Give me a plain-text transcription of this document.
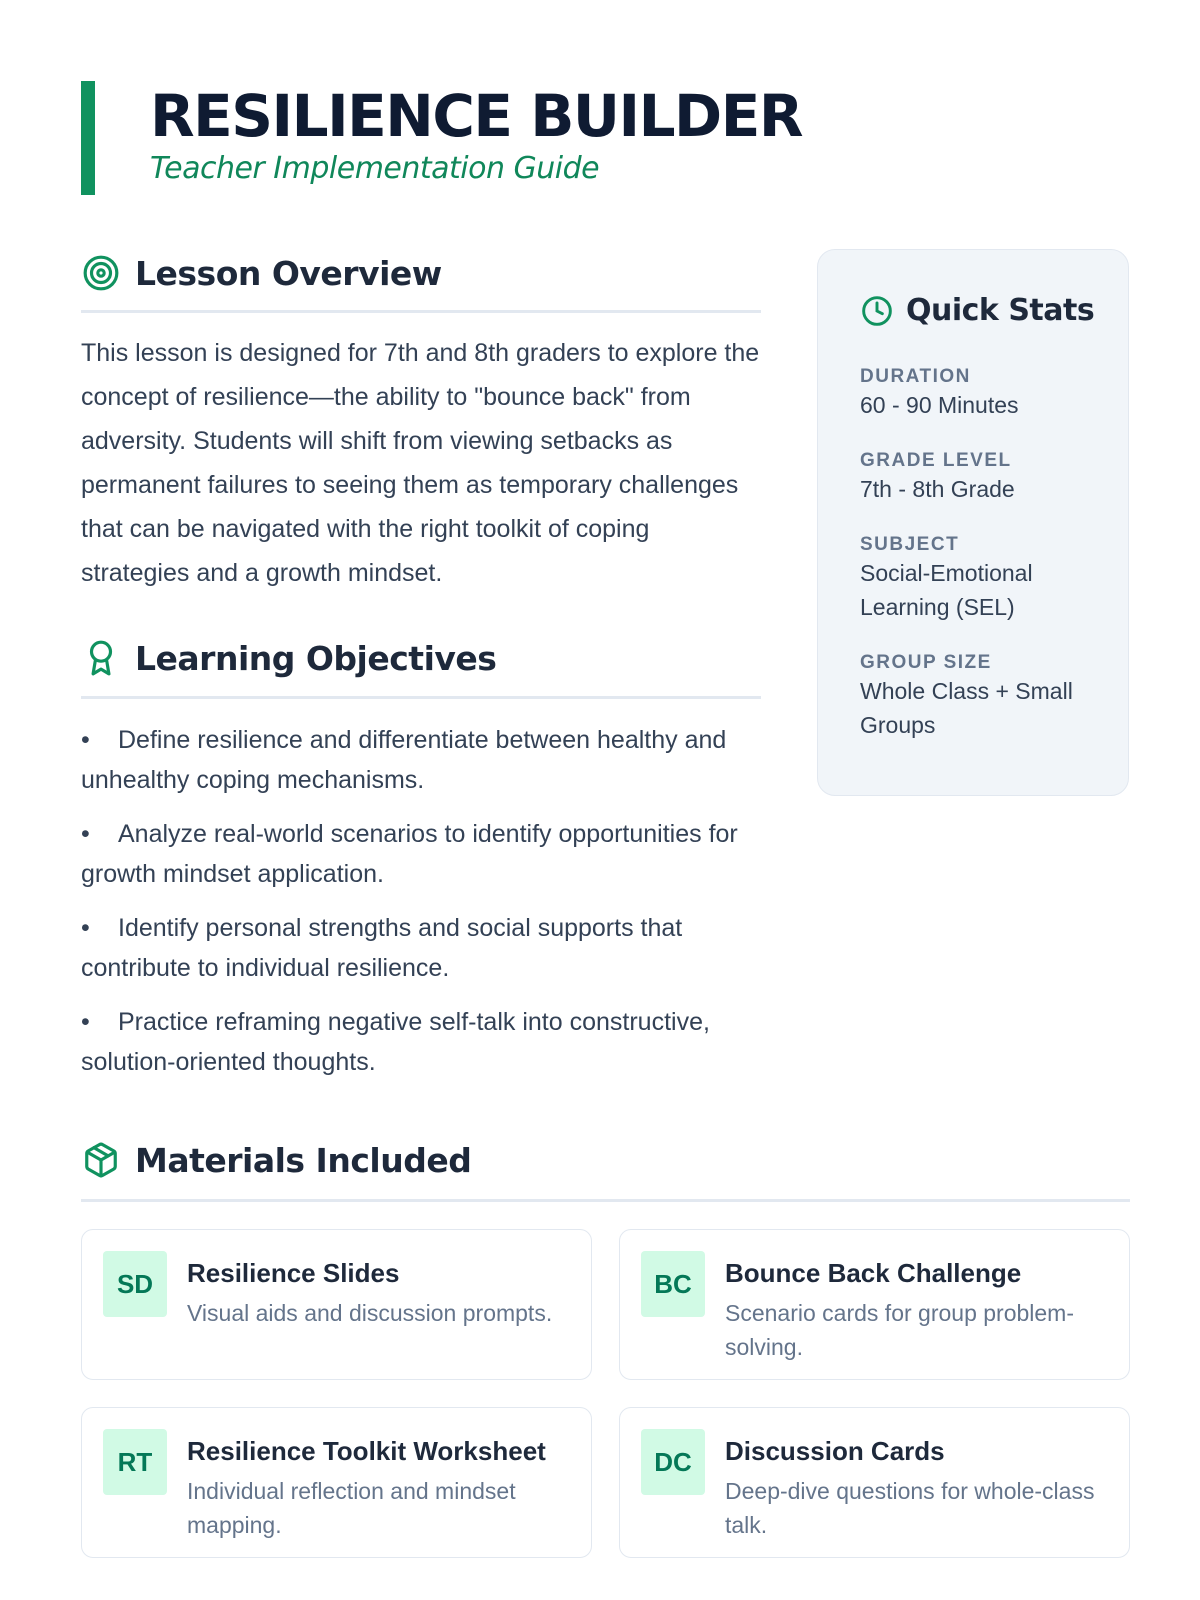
RESILIENCE BUILDER
Teacher Implementation Guide
Lesson Overview

This lesson is designed for 7th and 8th graders to explore the concept of resilience—the ability to "bounce back" from adversity. Students will shift from viewing setbacks as permanent failures to seeing them as temporary challenges that can be navigated with the right toolkit of coping strategies and a growth mindset.

Learning Objectives
• Define resilience and differentiate between healthy and unhealthy coping mechanisms.
• Analyze real-world scenarios to identify opportunities for growth mindset application.
• Identify personal strengths and social supports that contribute to individual resilience.
• Practice reframing negative self-talk into constructive, solution-oriented thoughts.
Quick Stats
DURATION
60 - 90 Minutes
GRADE LEVEL
7th - 8th Grade
SUBJECT
Social-Emotional Learning (SEL)
GROUP SIZE
Whole Class + Small Groups
Materials Included
SD	Resilience Slides
Visual aids and discussion prompts.
BC	Bounce Back Challenge
Scenario cards for group problem-solving.
RT	Resilience Toolkit Worksheet
Individual reflection and mindset mapping.
DC	Discussion Cards
Deep-dive questions for whole-class talk.
